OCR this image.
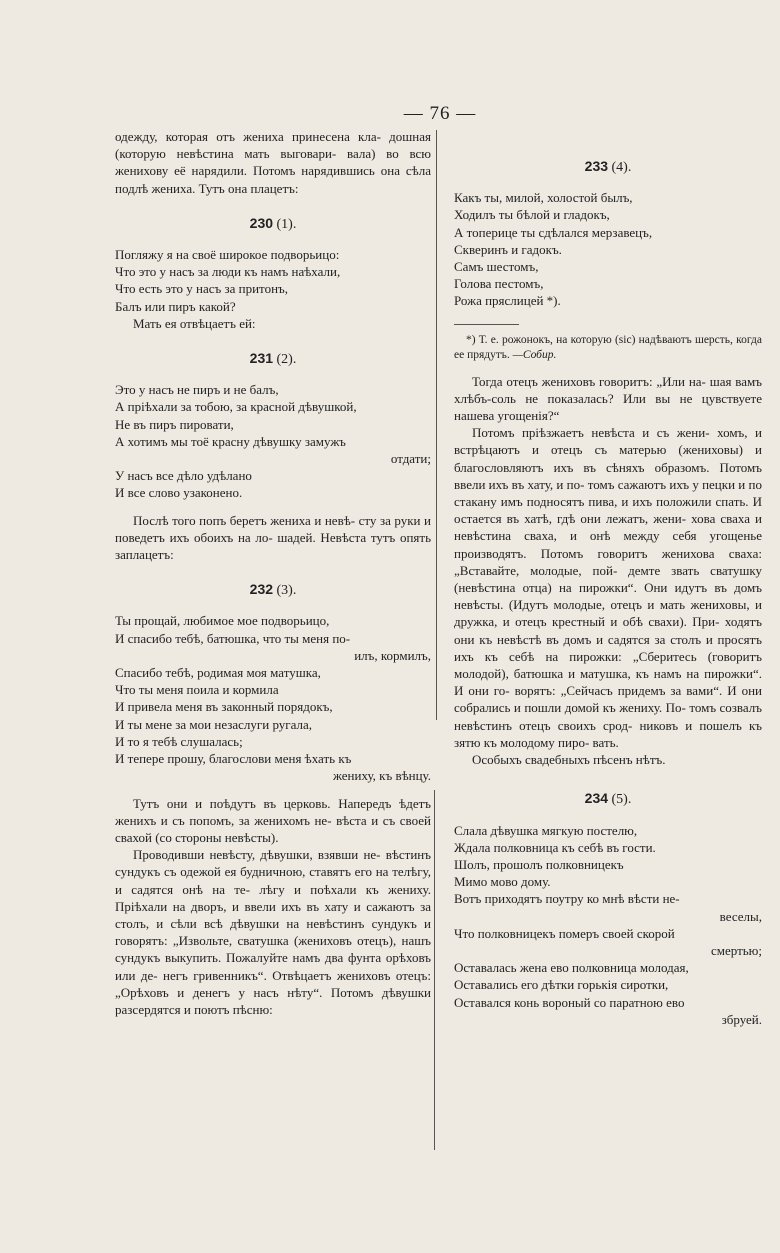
— 76 —

одежду, которая отъ жениха принесена кла- дошная (которую невѣстина мать выговари- вала) во всю женихову её нарядили. Потомъ нарядившись она сѣла подлѣ жениха. Тутъ она плацетъ:

230 (1).
Погляжу я на своё широкое подворьицо:
Что это у насъ за люди къ намъ наѣхали,
Что есть это у насъ за притонъ,
Балъ или пиръ какой?

Мать ея отвѣцаетъ ей:

231 (2).
Это у насъ не пиръ и не балъ,
А пріѣхали за тобою, за красной дѣвушкой,
Не въ пиръ пировати,
А хотимъ мы тоё красну дѣвушку замужъ
отдати;
У насъ все дѣло удѣлано
И все слово узаконено.

Послѣ того попъ беретъ жениха и невѣ- сту за руки и поведетъ ихъ обоихъ на ло- шадей. Невѣста тутъ опять заплацетъ:

232 (3).
Ты прощай, любимое мое подворьицо,
И спасибо тебѣ, батюшка, что ты меня по-
илъ, кормилъ,
Спасибо тебѣ, родимая моя матушка,
Что ты меня поила и кормила
И привела меня въ законный порядокъ,
И ты мене за мои незаслуги ругала,
И то я тебѣ слушалась;
И тепере прошу, благослови меня ѣхать къ
жениху, къ вѣнцу.

Тутъ они и поѣдутъ въ церковь. Напередъ ѣдетъ женихъ и съ попомъ, за женихомъ не- вѣста и съ своей свахой (со стороны невѣсты).

Проводивши невѣсту, дѣвушки, взявши не- вѣстинъ сундукъ съ одежой ея будничною, ставятъ его на телѣгу, и садятся онѣ на те- лѣгу и поѣхали къ жениху. Пріѣхали на дворъ, и ввели ихъ въ хату и сажаютъ за столъ, и сѣли всѣ дѣвушки на невѣстинъ сундукъ и говорятъ: „Извольте, сватушка (жениховъ отецъ), нашъ сундукъ выкупить. Пожалуйте намъ два фунта орѣховъ или де- негъ гривенникъ“. Отвѣцаетъ жениховъ отецъ: „Орѣховъ и денегъ у насъ нѣту“. Потомъ дѣвушки разсердятся и поютъ пѣсню:

233 (4).
Какъ ты, милой, холостой былъ,
Ходилъ ты бѣлой и гладокъ,
А топерице ты сдѣлался мерзавецъ,
Скверинъ и гадокъ.
Самъ шестомъ,
Голова пестомъ,
Рожа пряслицей *).

*) Т. е. рожонокъ, на которую (sic) надѣваютъ шерсть, когда ее прядутъ. —Собир.

Тогда отецъ жениховъ говоритъ: „Или на- шая вамъ хлѣбъ-соль не показалась? Или вы не цувствуете нашева угощенія?“

Потомъ пріѣзжаетъ невѣста и съ жени- хомъ, и встрѣцаютъ и отецъ съ матерью (жениховы) и благословляютъ ихъ въ сѣняхъ образомъ. Потомъ ввели ихъ въ хату, и по- томъ сажаютъ ихъ у пецки и по стакану имъ подносятъ пива, и ихъ положили спать. И остается въ хатѣ, гдѣ они лежатъ, жени- хова сваха и невѣстина сваха, и онѣ между себя угощенье производятъ. Потомъ говоритъ женихова сваха: „Вставайте, молодые, пой- демте звать сватушку (невѣстина отца) на пирожки“. Они идутъ въ домъ невѣсты. (Идутъ молодые, отецъ и мать жениховы, и дружка, и отецъ крестный и обѣ свахи). При- ходятъ они къ невѣстѣ въ домъ и садятся за столъ и просятъ ихъ къ себѣ на пирожки: „Сберитесь (говоритъ молодой), батюшка и матушка, къ намъ на пирожки“. И они го- ворятъ: „Сейчасъ придемъ за вами“. И они собрались и пошли домой къ жениху. По- томъ созвалъ невѣстинъ отецъ своихъ срод- никовъ и пошелъ къ зятю къ молодому пиро- вать.

Особыхъ свадебныхъ пѣсенъ нѣтъ.

234 (5).
Слала дѣвушка мягкую постелю,
Ждала полковница къ себѣ въ гости.
Шолъ, прошолъ полковницекъ
Мимо мово дому.
Вотъ приходятъ поутру ко мнѣ вѣсти не-
веселы,
Что полковницекъ померъ своей скорой
смертью;
Оставалась жена ево полковница молодая,
Оставались его дѣтки горькія сиротки,
Оставался конь вороный со паратною ево
збруей.
